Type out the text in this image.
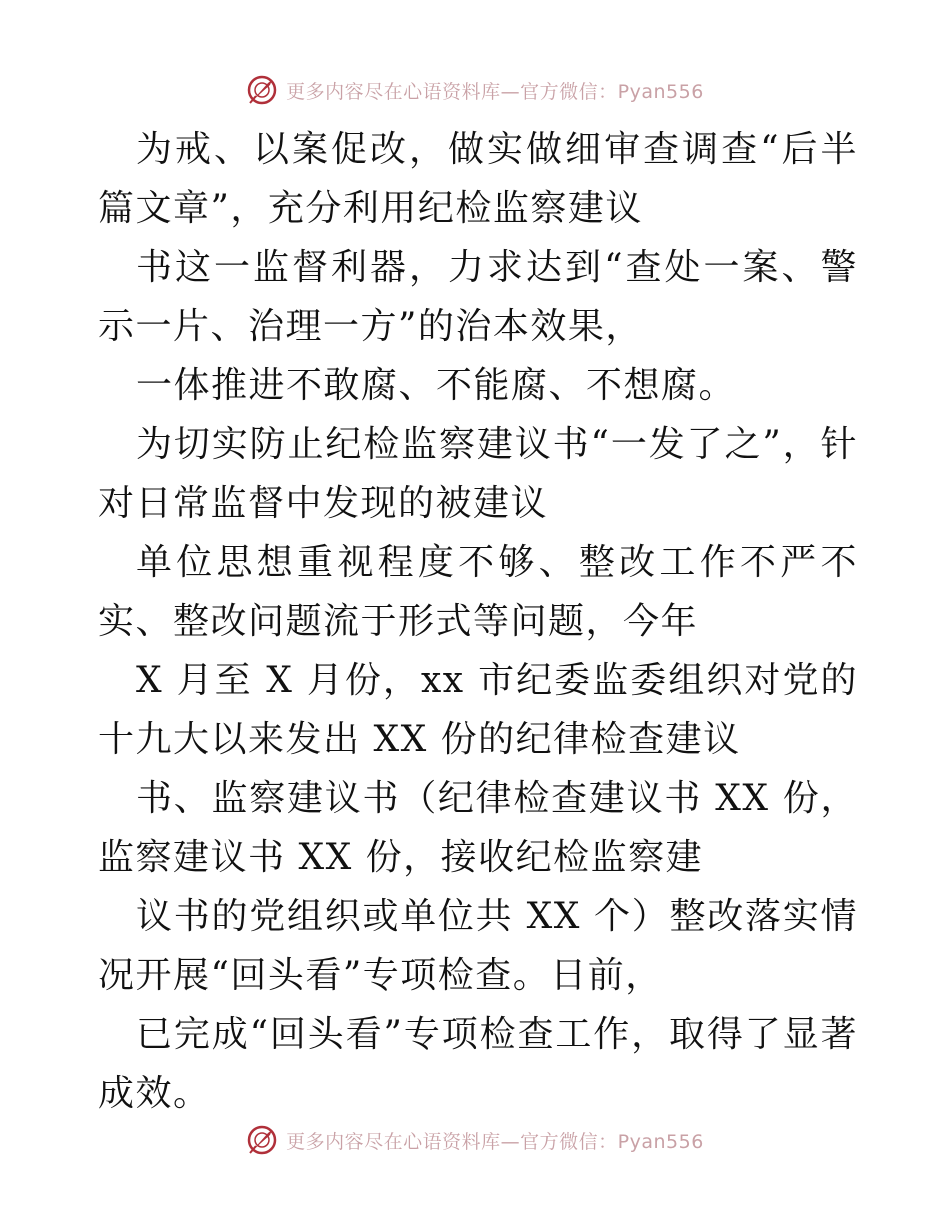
更多内容尽在心语资料库—官方微信：Pyan556

为戒、以案促改，做实做细审查调查“后半篇文章”，充分利用纪检监察建议

书这一监督利器，力求达到“查处一案、警示一片、治理一方”的治本效果，

一体推进不敢腐、不能腐、不想腐。

为切实防止纪检监察建议书“一发了之”，针对日常监督中发现的被建议

单位思想重视程度不够、整改工作不严不实、整改问题流于形式等问题，今年

X 月至 X 月份，xx 市纪委监委组织对党的十九大以来发出 XX 份的纪律检查建议

书、监察建议书（纪律检查建议书 XX 份，监察建议书 XX 份，接收纪检监察建

议书的党组织或单位共 XX 个）整改落实情况开展“回头看”专项检查。日前，

已完成“回头看”专项检查工作，取得了显著成效。

更多内容尽在心语资料库—官方微信：Pyan556
